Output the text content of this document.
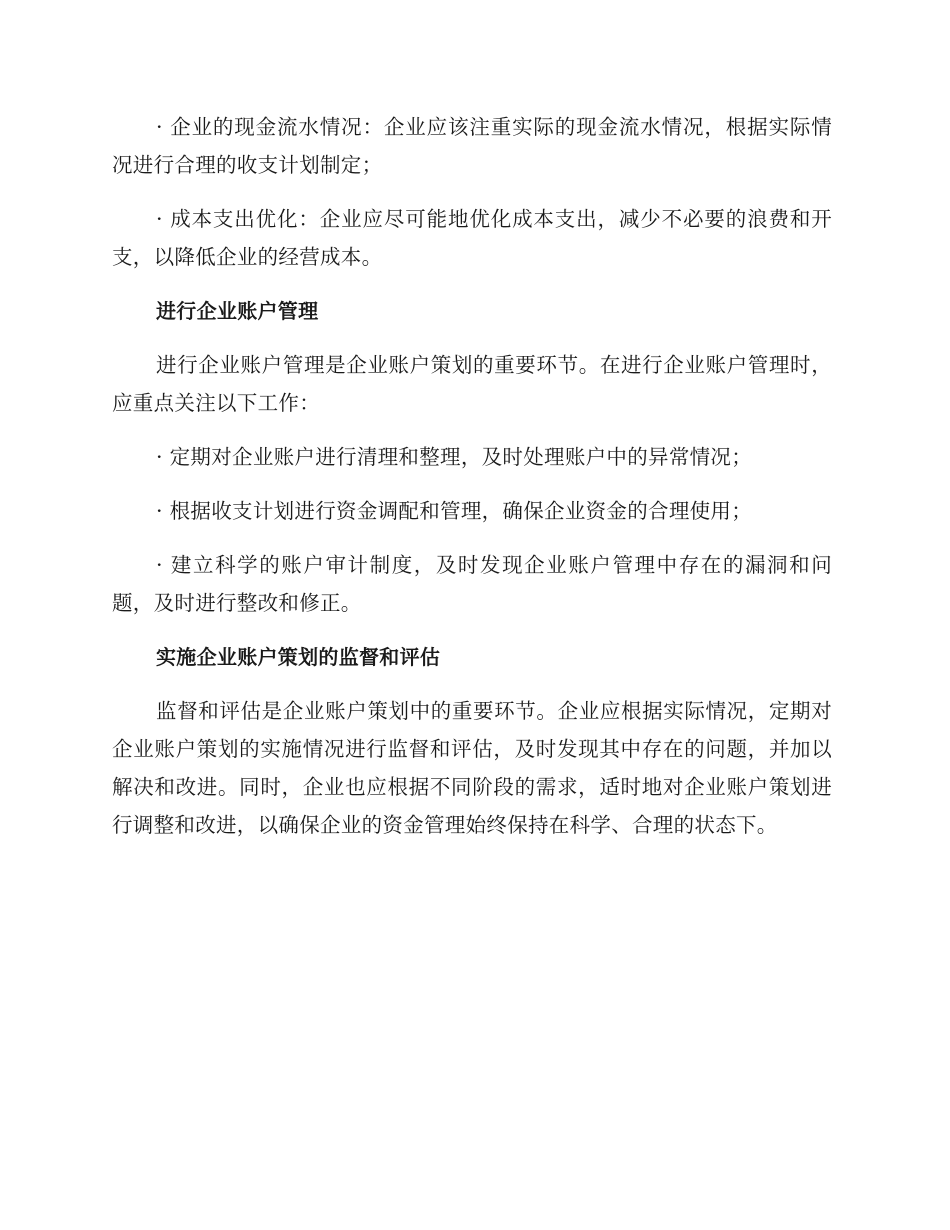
· 企业的现金流水情况：企业应该注重实际的现金流水情况，根据实际情况进行合理的收支计划制定；

· 成本支出优化：企业应尽可能地优化成本支出，减少不必要的浪费和开支，以降低企业的经营成本。

进行企业账户管理

进行企业账户管理是企业账户策划的重要环节。在进行企业账户管理时，应重点关注以下工作：

· 定期对企业账户进行清理和整理，及时处理账户中的异常情况；

· 根据收支计划进行资金调配和管理，确保企业资金的合理使用；

· 建立科学的账户审计制度，及时发现企业账户管理中存在的漏洞和问题，及时进行整改和修正。

实施企业账户策划的监督和评估

监督和评估是企业账户策划中的重要环节。企业应根据实际情况，定期对企业账户策划的实施情况进行监督和评估，及时发现其中存在的问题，并加以解决和改进。同时，企业也应根据不同阶段的需求，适时地对企业账户策划进行调整和改进，以确保企业的资金管理始终保持在科学、合理的状态下。
